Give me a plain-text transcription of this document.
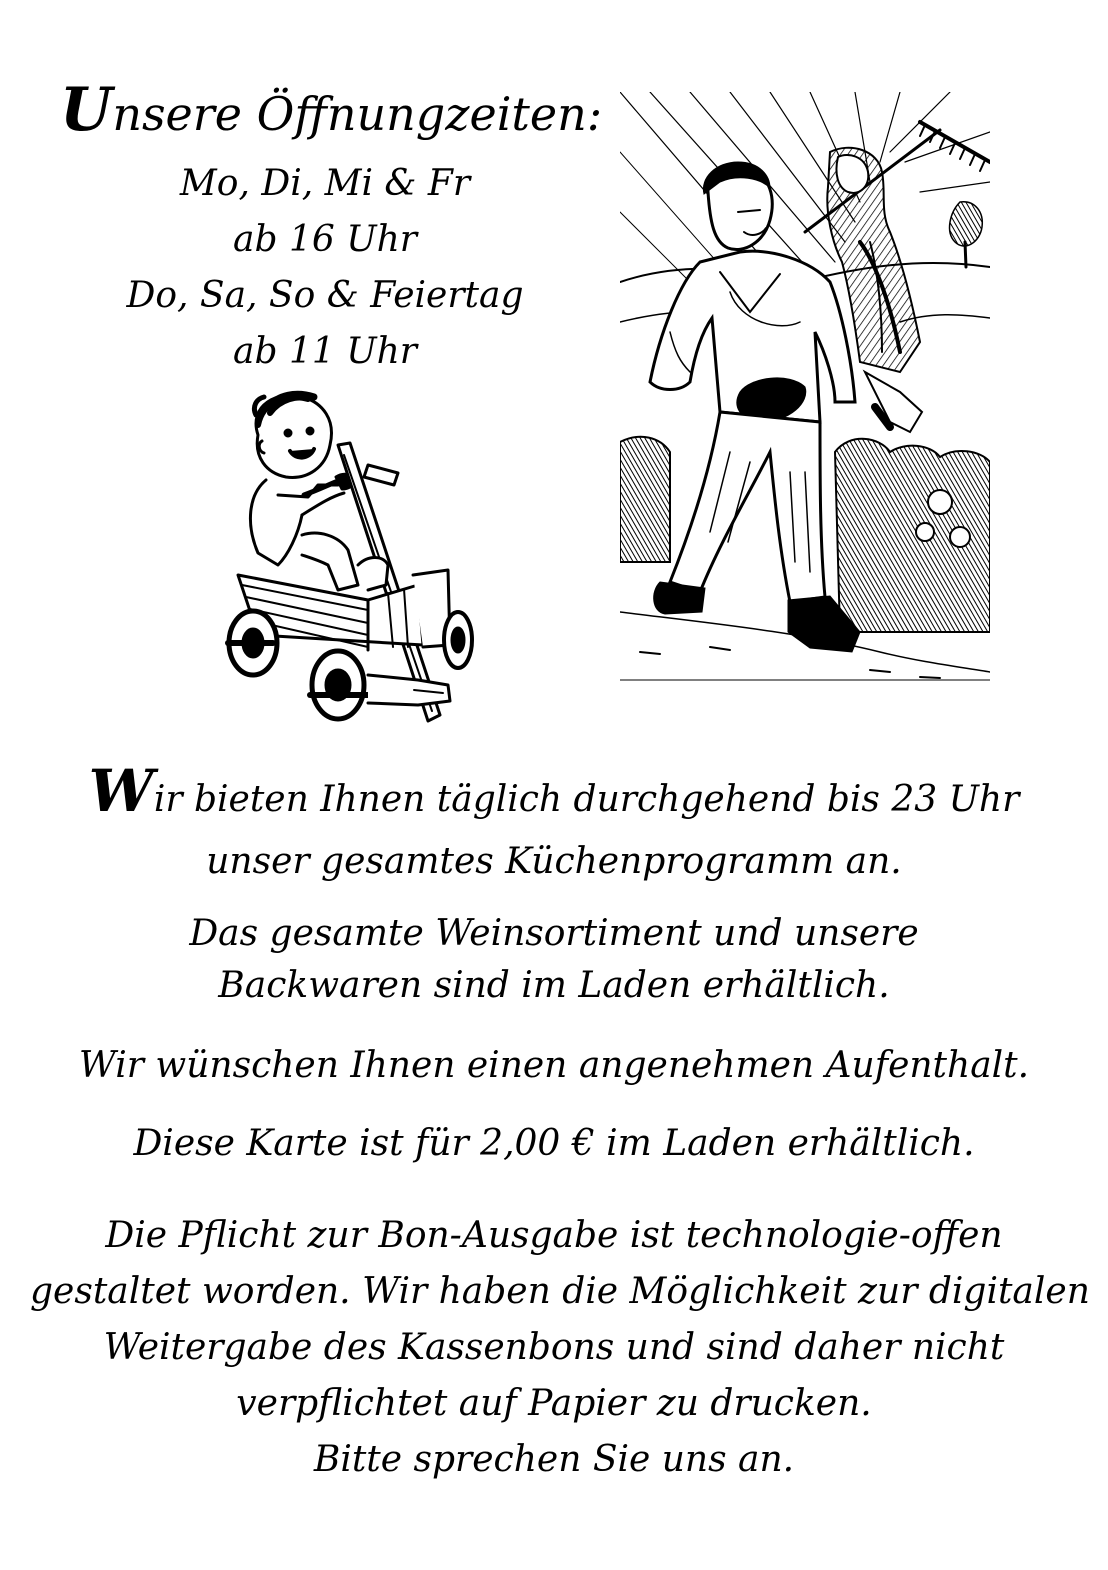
Unsere Öffnungzeiten:
Mo, Di, Mi & Fr
ab 16 Uhr
Do, Sa, So & Feiertag
ab 11 Uhr
Wir bieten Ihnen täglich durchgehend bis 23 Uhr
unser gesamtes Küchenprogramm an.
Das gesamte Weinsortiment und unsere
Backwaren sind im Laden erhältlich.
Wir wünschen Ihnen einen angenehmen Aufenthalt.
Diese Karte ist für 2,00 € im Laden erhältlich.
Die Pflicht zur Bon-Ausgabe ist technologie-offen
gestaltet worden. Wir haben die Möglichkeit zur digitalen
Weitergabe des Kassenbons und sind daher nicht
verpflichtet auf Papier zu drucken.
Bitte sprechen Sie uns an.
